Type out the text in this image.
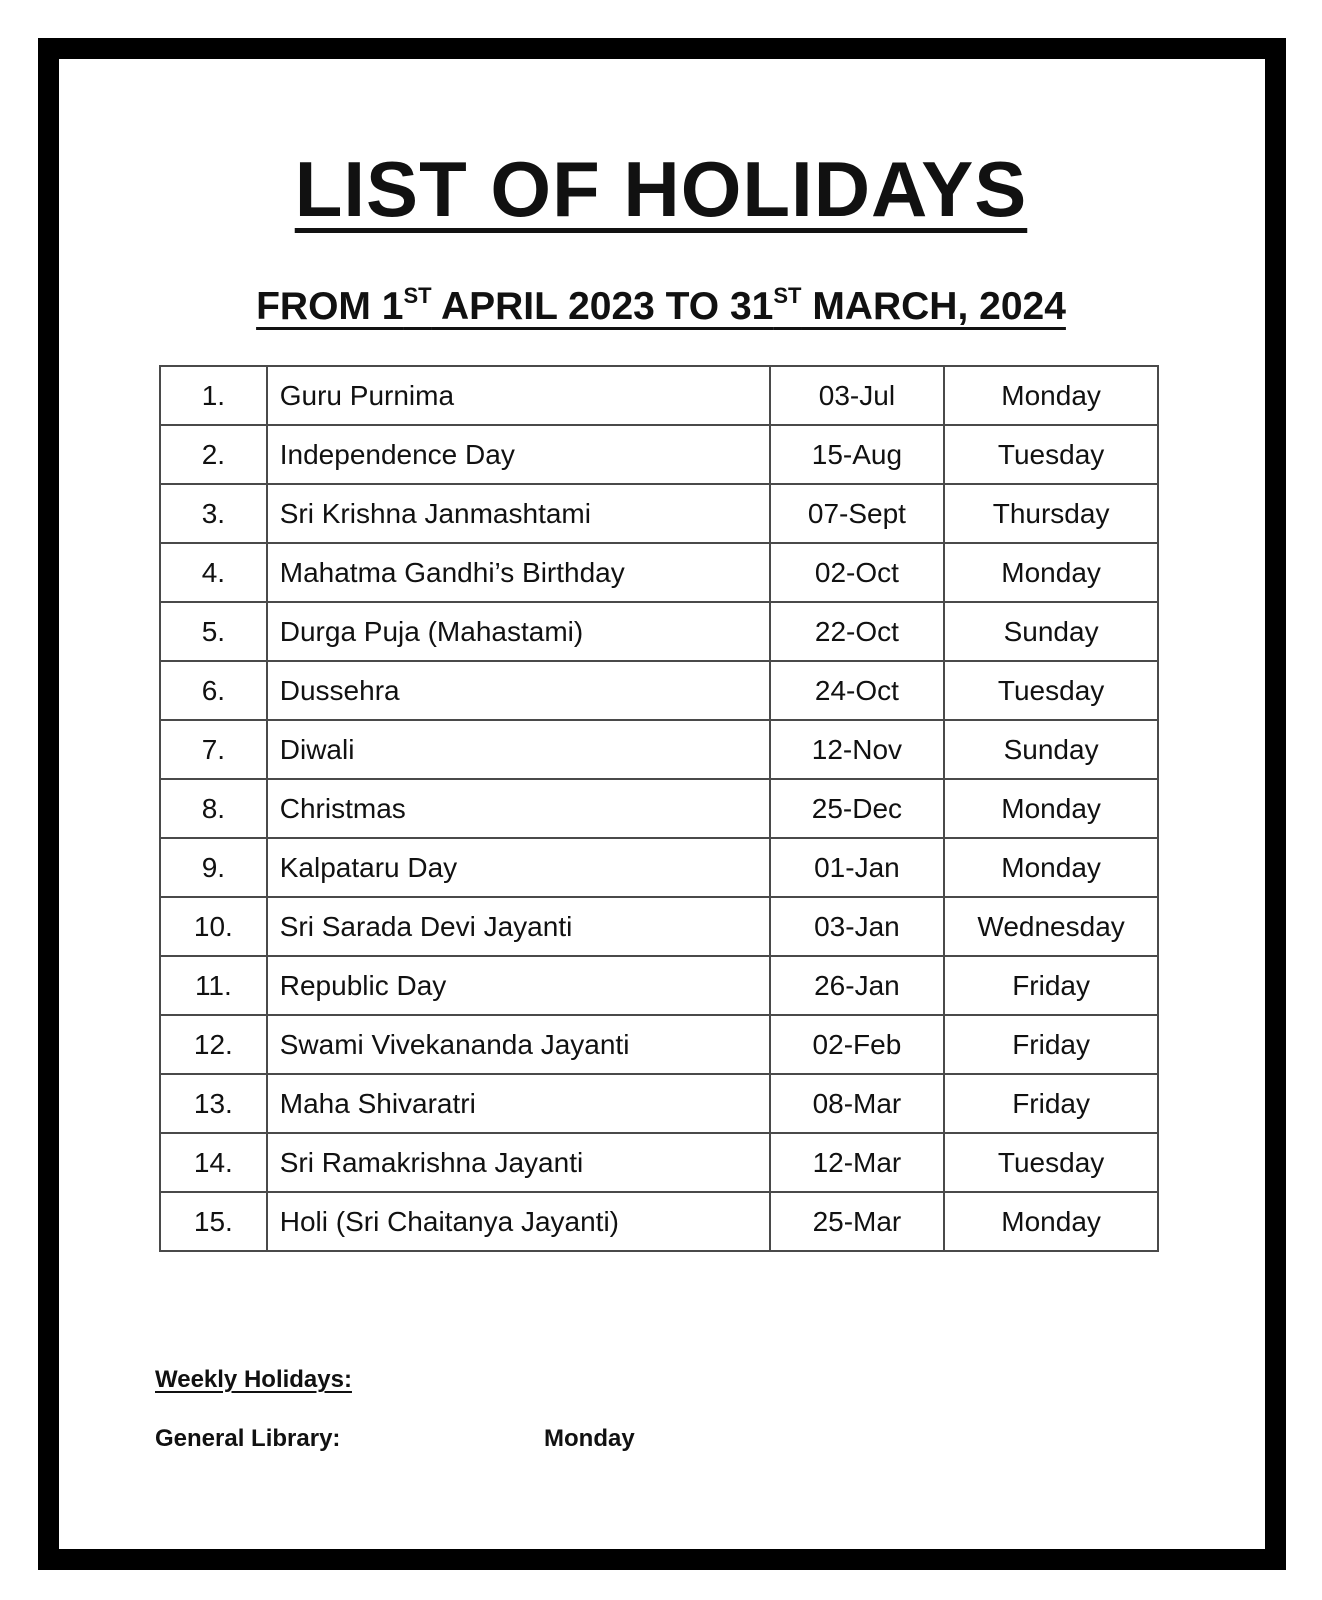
LIST OF HOLIDAYS
FROM 1ST APRIL 2023 TO 31ST MARCH, 2024
1.	Guru Purnima	03-Jul	Monday
2.	Independence Day	15-Aug	Tuesday
3.	Sri Krishna Janmashtami	07-Sept	Thursday
4.	Mahatma Gandhi’s Birthday	02-Oct	Monday
5.	Durga Puja (Mahastami)	22-Oct	Sunday
6.	Dussehra	24-Oct	Tuesday
7.	Diwali	12-Nov	Sunday
8.	Christmas	25-Dec	Monday
9.	Kalpataru Day	01-Jan	Monday
10.	Sri Sarada Devi Jayanti	03-Jan	Wednesday
11.	Republic Day	26-Jan	Friday
12.	Swami Vivekananda Jayanti	02-Feb	Friday
13.	Maha Shivaratri	08-Mar	Friday
14.	Sri Ramakrishna Jayanti	12-Mar	Tuesday
15.	Holi (Sri Chaitanya Jayanti)	25-Mar	Monday
Weekly Holidays:
General Library:	Monday
